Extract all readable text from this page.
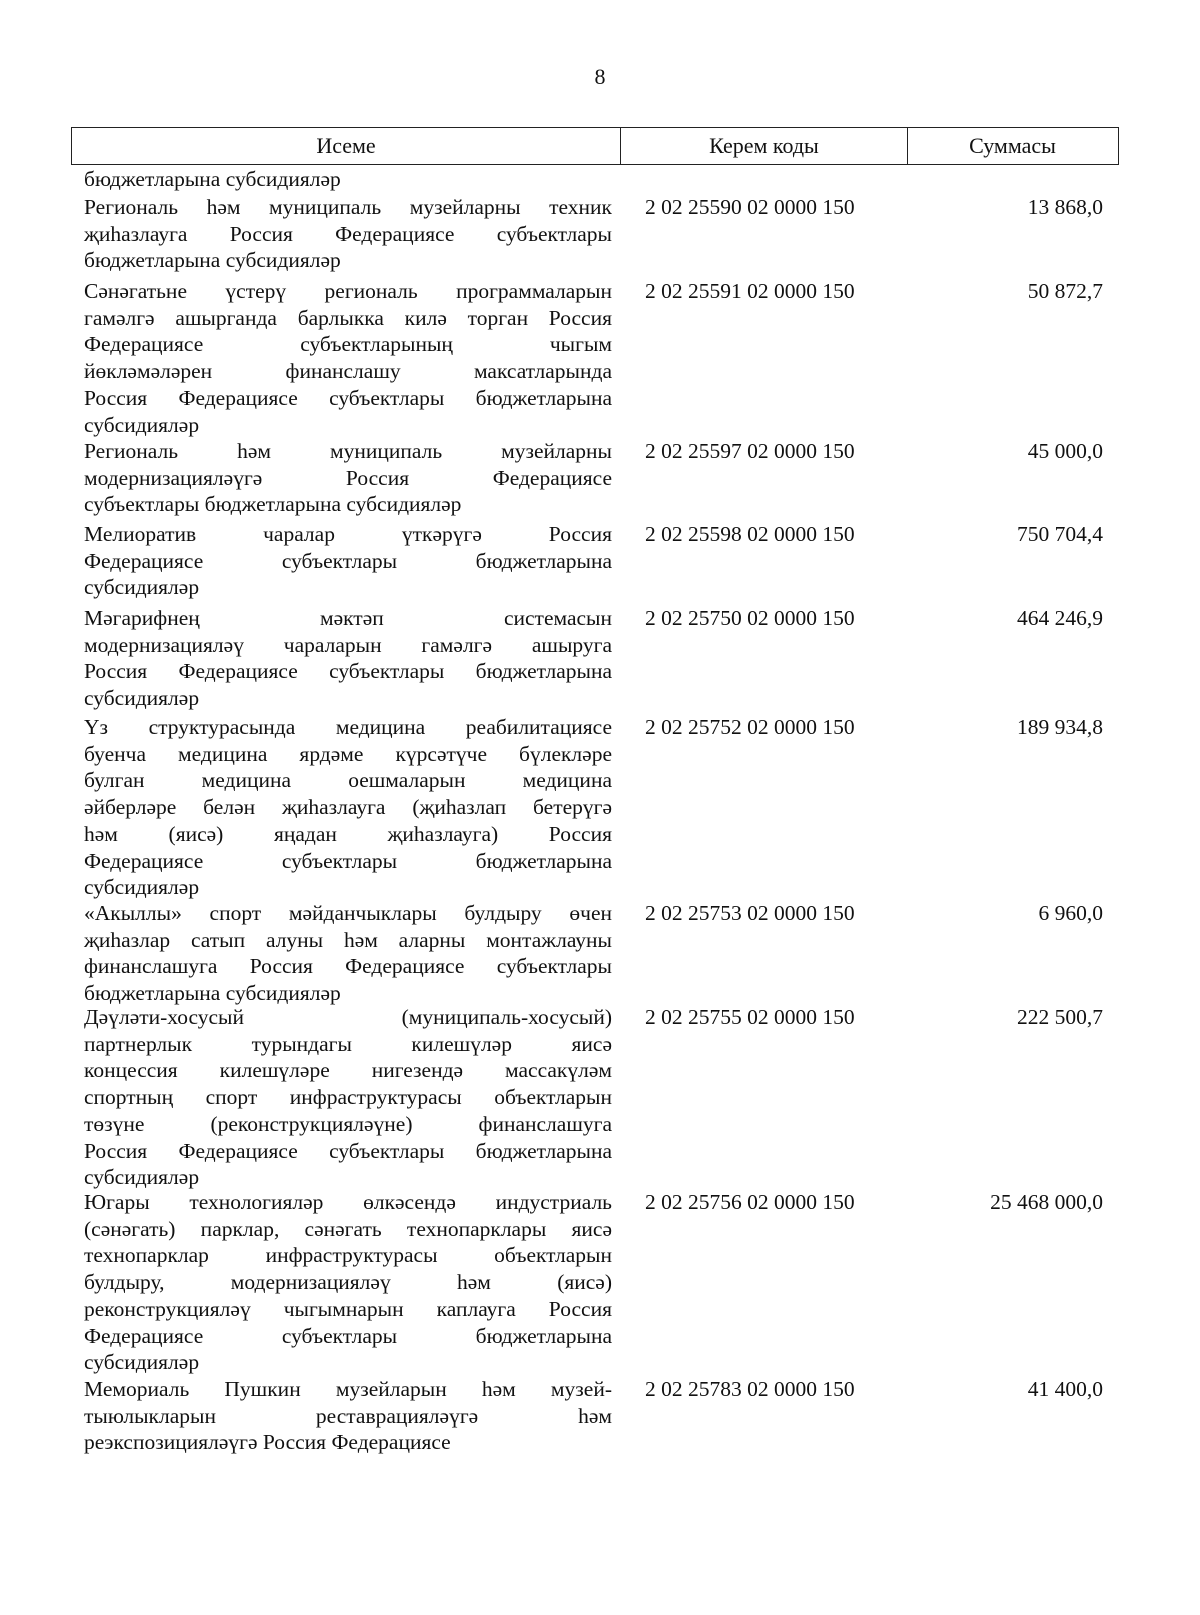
8
Исеме	Керем коды	Суммасы
бюджетларына субсидияләр
Региональ һәм муниципаль музейларны техник
җиһазлауга Россия Федерациясе субъектлары
бюджетларына субсидияләр
2 02 25590 02 0000 150	13 868,0
Сәнәгатьне үстерү региональ программаларын
гамәлгә ашырганда барлыкка килә торган Россия
Федерациясе субъектларының чыгым
йөкләмәләрен финанслашу максатларында
Россия Федерациясе субъектлары бюджетларына
субсидияләр
2 02 25591 02 0000 150	50 872,7
Региональ һәм муниципаль музейларны
модернизацияләүгә Россия Федерациясе
субъектлары бюджетларына субсидияләр
2 02 25597 02 0000 150	45 000,0
Мелиоратив чаралар үткәрүгә Россия
Федерациясе субъектлары бюджетларына
субсидияләр
2 02 25598 02 0000 150	750 704,4
Мәгарифнең мәктәп системасын
модернизацияләү чараларын гамәлгә ашыруга
Россия Федерациясе субъектлары бюджетларына
субсидияләр
2 02 25750 02 0000 150	464 246,9
Үз структурасында медицина реабилитациясе
буенча медицина ярдәме күрсәтүче бүлекләре
булган медицина оешмаларын медицина
әйберләре белән җиһазлауга (җиһазлап бетерүгә
һәм (яисә) яңадан җиһазлауга) Россия
Федерациясе субъектлары бюджетларына
субсидияләр
2 02 25752 02 0000 150	189 934,8
«Акыллы» спорт мәйданчыклары булдыру өчен
җиһазлар сатып алуны һәм аларны монтажлауны
финанслашуга Россия Федерациясе субъектлары
бюджетларына субсидияләр
2 02 25753 02 0000 150	6 960,0
Дәүләти-хосусый (муниципаль-хосусый)
партнерлык турындагы килешүләр яисә
концессия килешүләре нигезендә массакүләм
спортның спорт инфраструктурасы объектларын
төзүне (реконструкцияләүне) финанслашуга
Россия Федерациясе субъектлары бюджетларына
субсидияләр
2 02 25755 02 0000 150	222 500,7
Югары технологияләр өлкәсендә индустриаль
(сәнәгать) парклар, сәнәгать технопарклары яисә
технопарклар инфраструктурасы объектларын
булдыру, модернизацияләү һәм (яисә)
реконструкцияләү чыгымнарын каплауга Россия
Федерациясе субъектлары бюджетларына
субсидияләр
2 02 25756 02 0000 150	25 468 000,0
Мемориаль Пушкин музейларын һәм музей-
тыюлыкларын реставрацияләүгә һәм
реэкспозицияләүгә Россия Федерациясе
2 02 25783 02 0000 150	41 400,0
